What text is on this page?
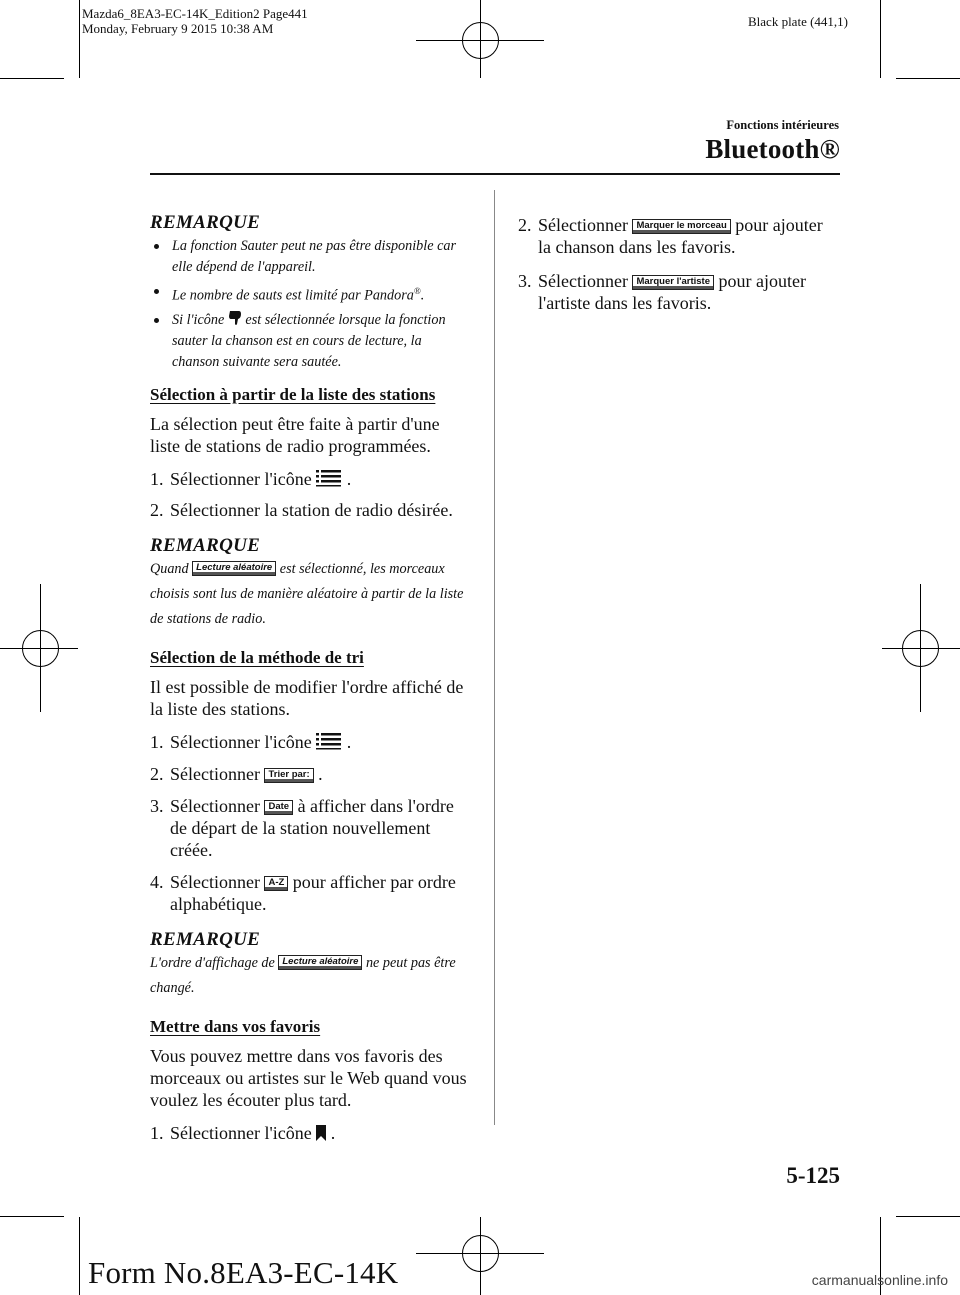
Mazda6_8EA3-EC-14K_Edition2 Page441
Monday, February 9 2015 10:38 AM	Black plate (441,1)
Fonctions intérieures
Bluetooth®

REMARQUE

La fonction Sauter peut ne pas être disponible car elle dépend de l'appareil.
Le nombre de sauts est limité par Pandora®.
Si l'icône est sélectionnée lorsque la fonction sauter la chanson est en cours de lecture, la chanson suivante sera sautée.

Sélection à partir de la liste des stations

La sélection peut être faite à partir d'une liste de stations de radio programmées.

1. Sélectionner l'icône .
2. Sélectionner la station de radio désirée.

REMARQUE

Quand Lecture aléatoire est sélectionné, les morceaux choisis sont lus de manière aléatoire à partir de la liste de stations de radio.

Sélection de la méthode de tri

Il est possible de modifier l'ordre affiché de la liste des stations.

1. Sélectionner l'icône .
2. Sélectionner Trier par: .
3. Sélectionner Date à afficher dans l'ordre de départ de la station nouvellement créée.
4. Sélectionner A-Z pour afficher par ordre alphabétique.

REMARQUE

L'ordre d'affichage de Lecture aléatoire ne peut pas être changé.

Mettre dans vos favoris

Vous pouvez mettre dans vos favoris des morceaux ou artistes sur le Web quand vous voulez les écouter plus tard.

1. Sélectionner l'icône .
2. Sélectionner Marquer le morceau pour ajouter la chanson dans les favoris.
3. Sélectionner Marquer l'artiste pour ajouter l'artiste dans les favoris.
5-125
Form No.8EA3-EC-14K	carmanualsonline.info
